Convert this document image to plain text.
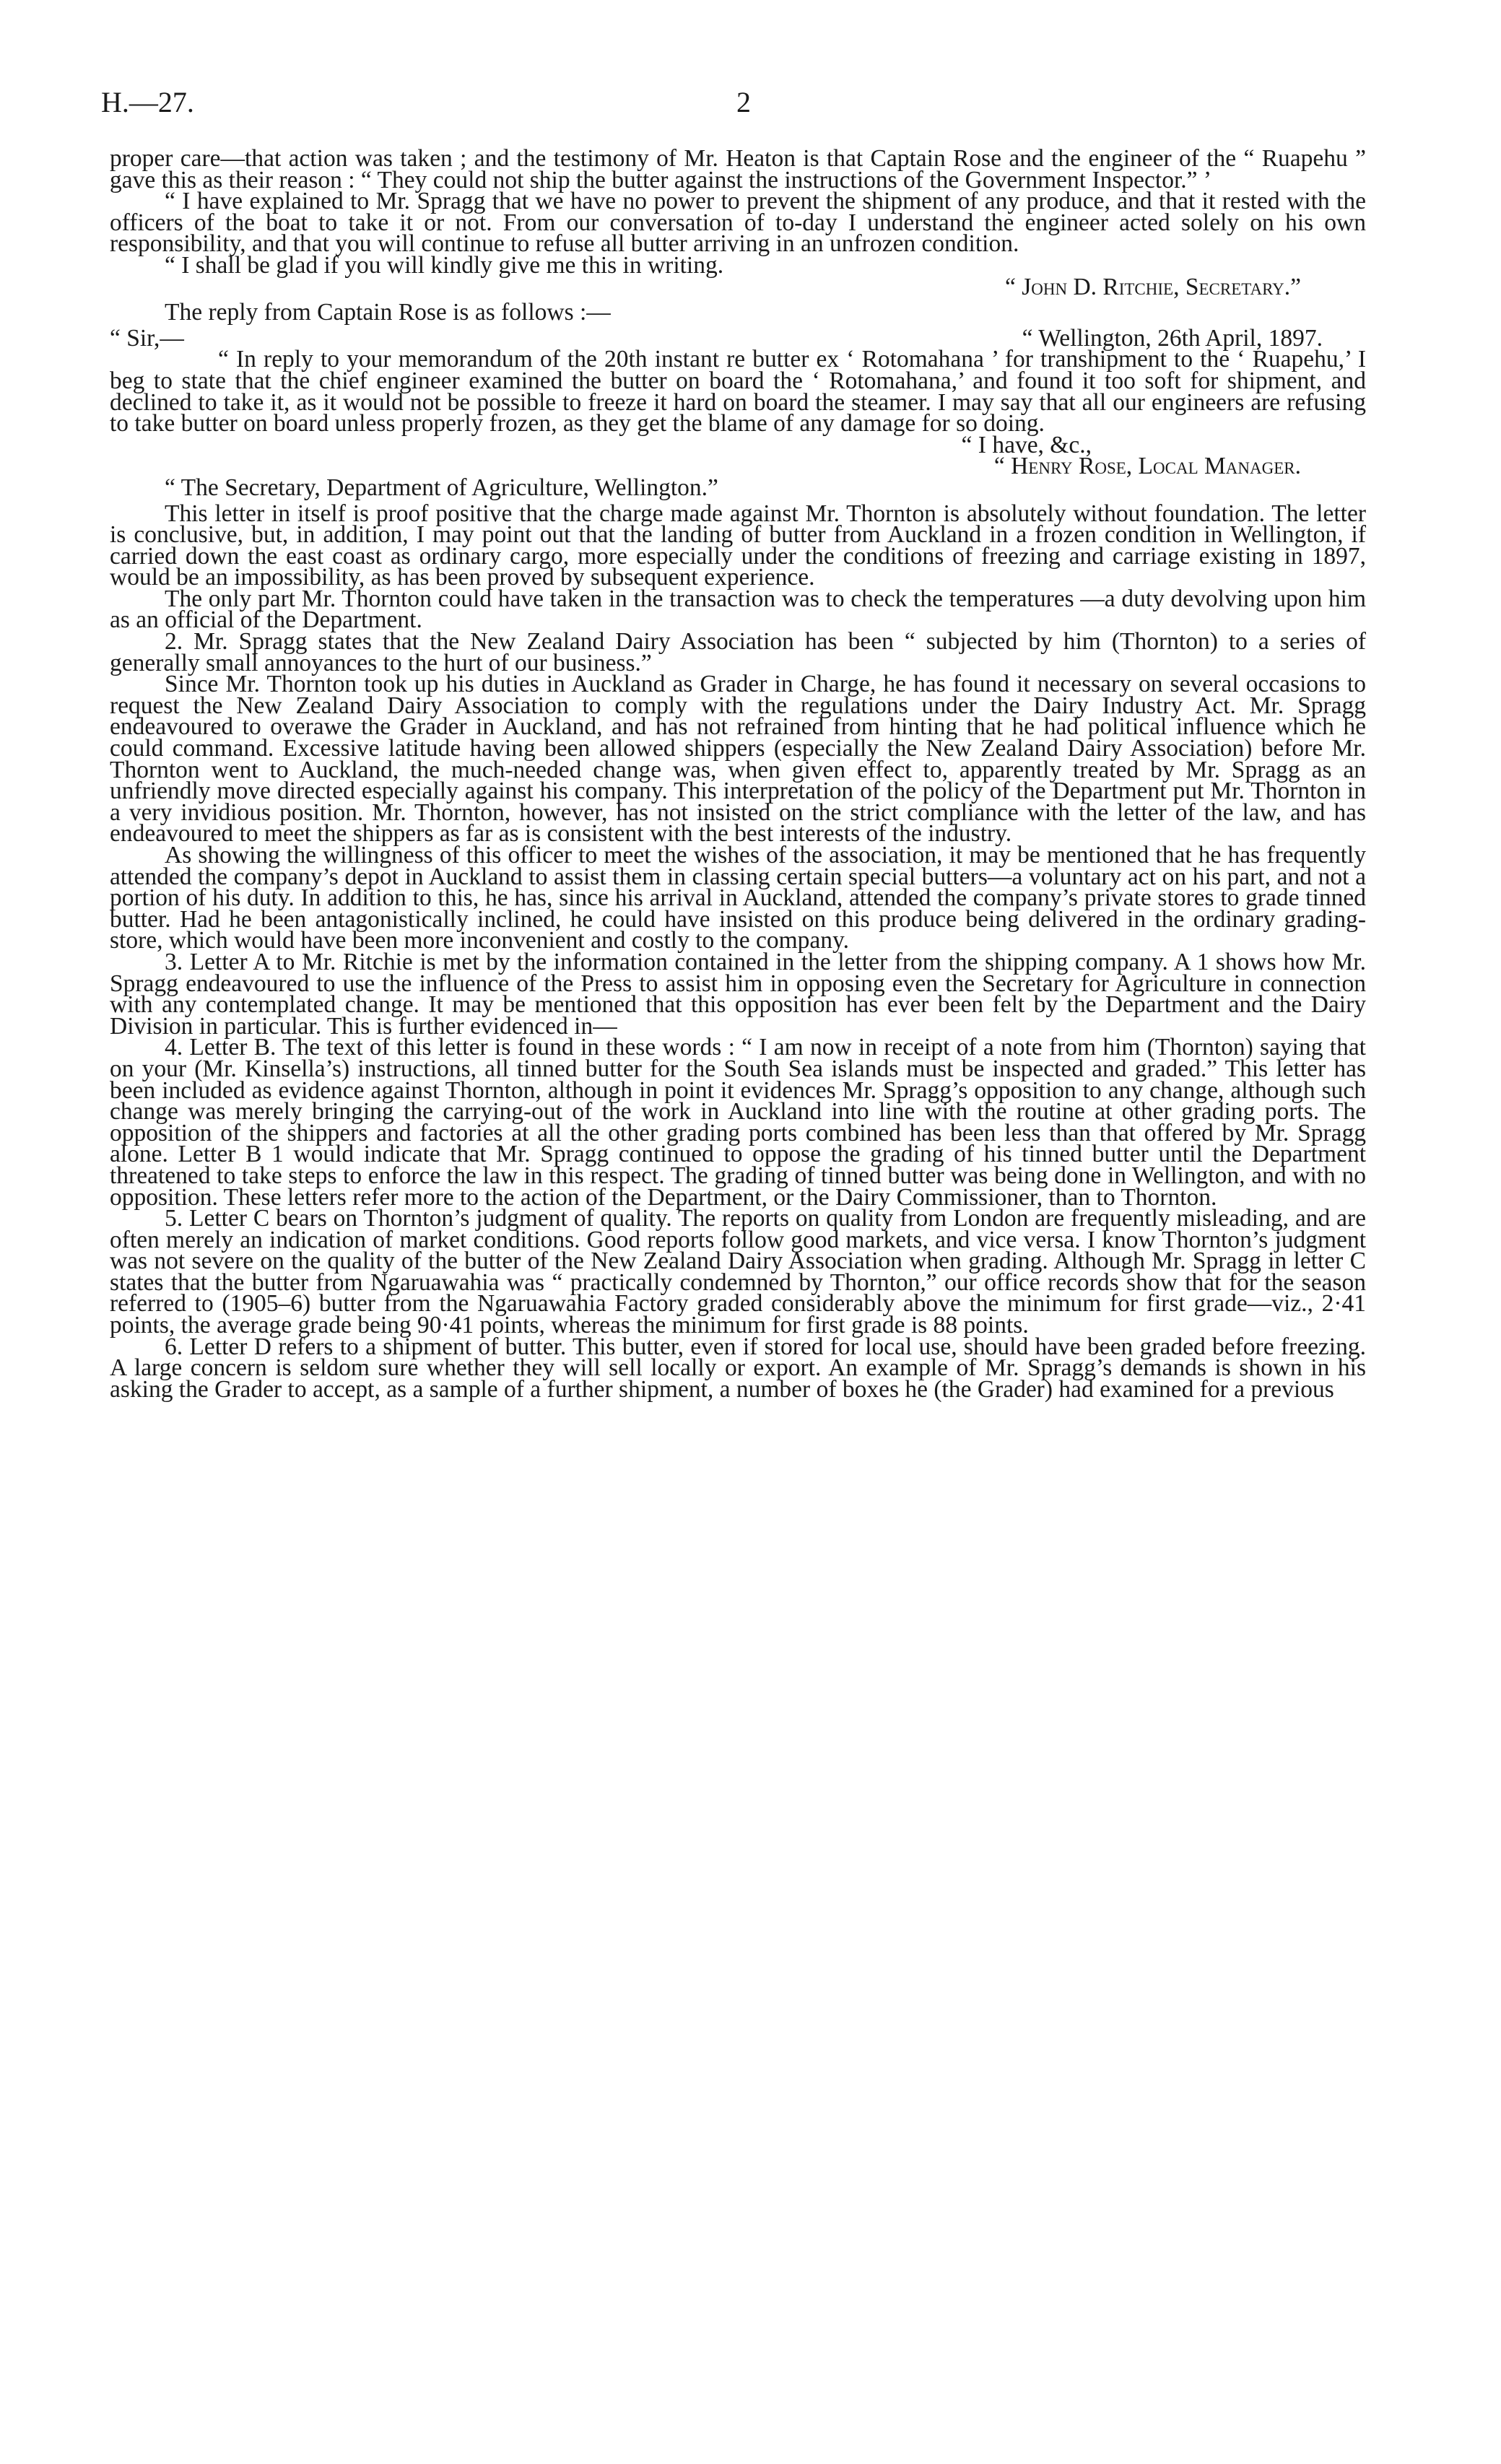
H.—27.	2

proper care—that action was taken ; and the testimony of Mr. Heaton is that Captain Rose and the engineer of the “ Ruapehu ” gave this as their reason : “ They could not ship the butter against the instructions of the Government Inspector.” ’

“ I have explained to Mr. Spragg that we have no power to prevent the shipment of any produce, and that it rested with the officers of the boat to take it or not. From our conversation of to-day I understand the engineer acted solely on his own responsibility, and that you will continue to refuse all butter arriving in an unfrozen condition.

“ I shall be glad if you will kindly give me this in writing.

“ John D. Ritchie, Secretary.”

The reply from Captain Rose is as follows :—

“ Sir,—	“ Wellington, 26th April, 1897.

“ In reply to your memorandum of the 20th instant re butter ex ‘ Rotomahana ’ for transhipment to the ‘ Ruapehu,’ I beg to state that the chief engineer examined the butter on board the ‘ Rotomahana,’ and found it too soft for shipment, and declined to take it, as it would not be possible to freeze it hard on board the steamer. I may say that all our engineers are refusing to take butter on board unless properly frozen, as they get the blame of any damage for so doing.

“ I have, &c.,

“ Henry Rose, Local Manager.

“ The Secretary, Department of Agriculture, Wellington.”

This letter in itself is proof positive that the charge made against Mr. Thornton is absolutely without foundation. The letter is conclusive, but, in addition, I may point out that the landing of butter from Auckland in a frozen condition in Wellington, if carried down the east coast as ordinary cargo, more especially under the conditions of freezing and carriage existing in 1897, would be an impossibility, as has been proved by subsequent experience.

The only part Mr. Thornton could have taken in the transaction was to check the temperatures —a duty devolving upon him as an official of the Department.

2. Mr. Spragg states that the New Zealand Dairy Association has been “ subjected by him (Thornton) to a series of generally small annoyances to the hurt of our business.”

Since Mr. Thornton took up his duties in Auckland as Grader in Charge, he has found it necessary on several occasions to request the New Zealand Dairy Association to comply with the regulations under the Dairy Industry Act. Mr. Spragg endeavoured to overawe the Grader in Auckland, and has not refrained from hinting that he had political influence which he could command. Excessive latitude having been allowed shippers (especially the New Zealand Dairy Association) before Mr. Thornton went to Auckland, the much-needed change was, when given effect to, apparently treated by Mr. Spragg as an unfriendly move directed especially against his company. This interpretation of the policy of the Department put Mr. Thornton in a very invidious position. Mr. Thornton, however, has not insisted on the strict compliance with the letter of the law, and has endeavoured to meet the shippers as far as is consistent with the best interests of the industry.

As showing the willingness of this officer to meet the wishes of the association, it may be mentioned that he has frequently attended the company’s depot in Auckland to assist them in classing certain special butters—a voluntary act on his part, and not a portion of his duty. In addition to this, he has, since his arrival in Auckland, attended the company’s private stores to grade tinned butter. Had he been antagonistically inclined, he could have insisted on this produce being delivered in the ordinary grading-store, which would have been more inconvenient and costly to the company.

3. Letter A to Mr. Ritchie is met by the information contained in the letter from the shipping company. A 1 shows how Mr. Spragg endeavoured to use the influence of the Press to assist him in opposing even the Secretary for Agriculture in connection with any contemplated change. It may be mentioned that this opposition has ever been felt by the Department and the Dairy Division in particular. This is further evidenced in—

4. Letter B. The text of this letter is found in these words : “ I am now in receipt of a note from him (Thornton) saying that on your (Mr. Kinsella’s) instructions, all tinned butter for the South Sea islands must be inspected and graded.” This letter has been included as evidence against Thornton, although in point it evidences Mr. Spragg’s opposition to any change, although such change was merely bringing the carrying-out of the work in Auckland into line with the routine at other grading ports. The opposition of the shippers and factories at all the other grading ports combined has been less than that offered by Mr. Spragg alone. Letter B 1 would indicate that Mr. Spragg continued to oppose the grading of his tinned butter until the Department threatened to take steps to enforce the law in this respect. The grading of tinned butter was being done in Wellington, and with no opposition. These letters refer more to the action of the Department, or the Dairy Commissioner, than to Thornton.

5. Letter C bears on Thornton’s judgment of quality. The reports on quality from London are frequently misleading, and are often merely an indication of market conditions. Good reports follow good markets, and vice versa. I know Thornton’s judgment was not severe on the quality of the butter of the New Zealand Dairy Association when grading. Although Mr. Spragg in letter C states that the butter from Ngaruawahia was “ practically condemned by Thornton,” our office records show that for the season referred to (1905–6) butter from the Ngaruawahia Factory graded considerably above the minimum for first grade—viz., 2·41 points, the average grade being 90·41 points, whereas the minimum for first grade is 88 points.

6. Letter D refers to a shipment of butter. This butter, even if stored for local use, should have been graded before freezing. A large concern is seldom sure whether they will sell locally or export. An example of Mr. Spragg’s demands is shown in his asking the Grader to accept, as a sample of a further shipment, a number of boxes he (the Grader) had examined for a previous
